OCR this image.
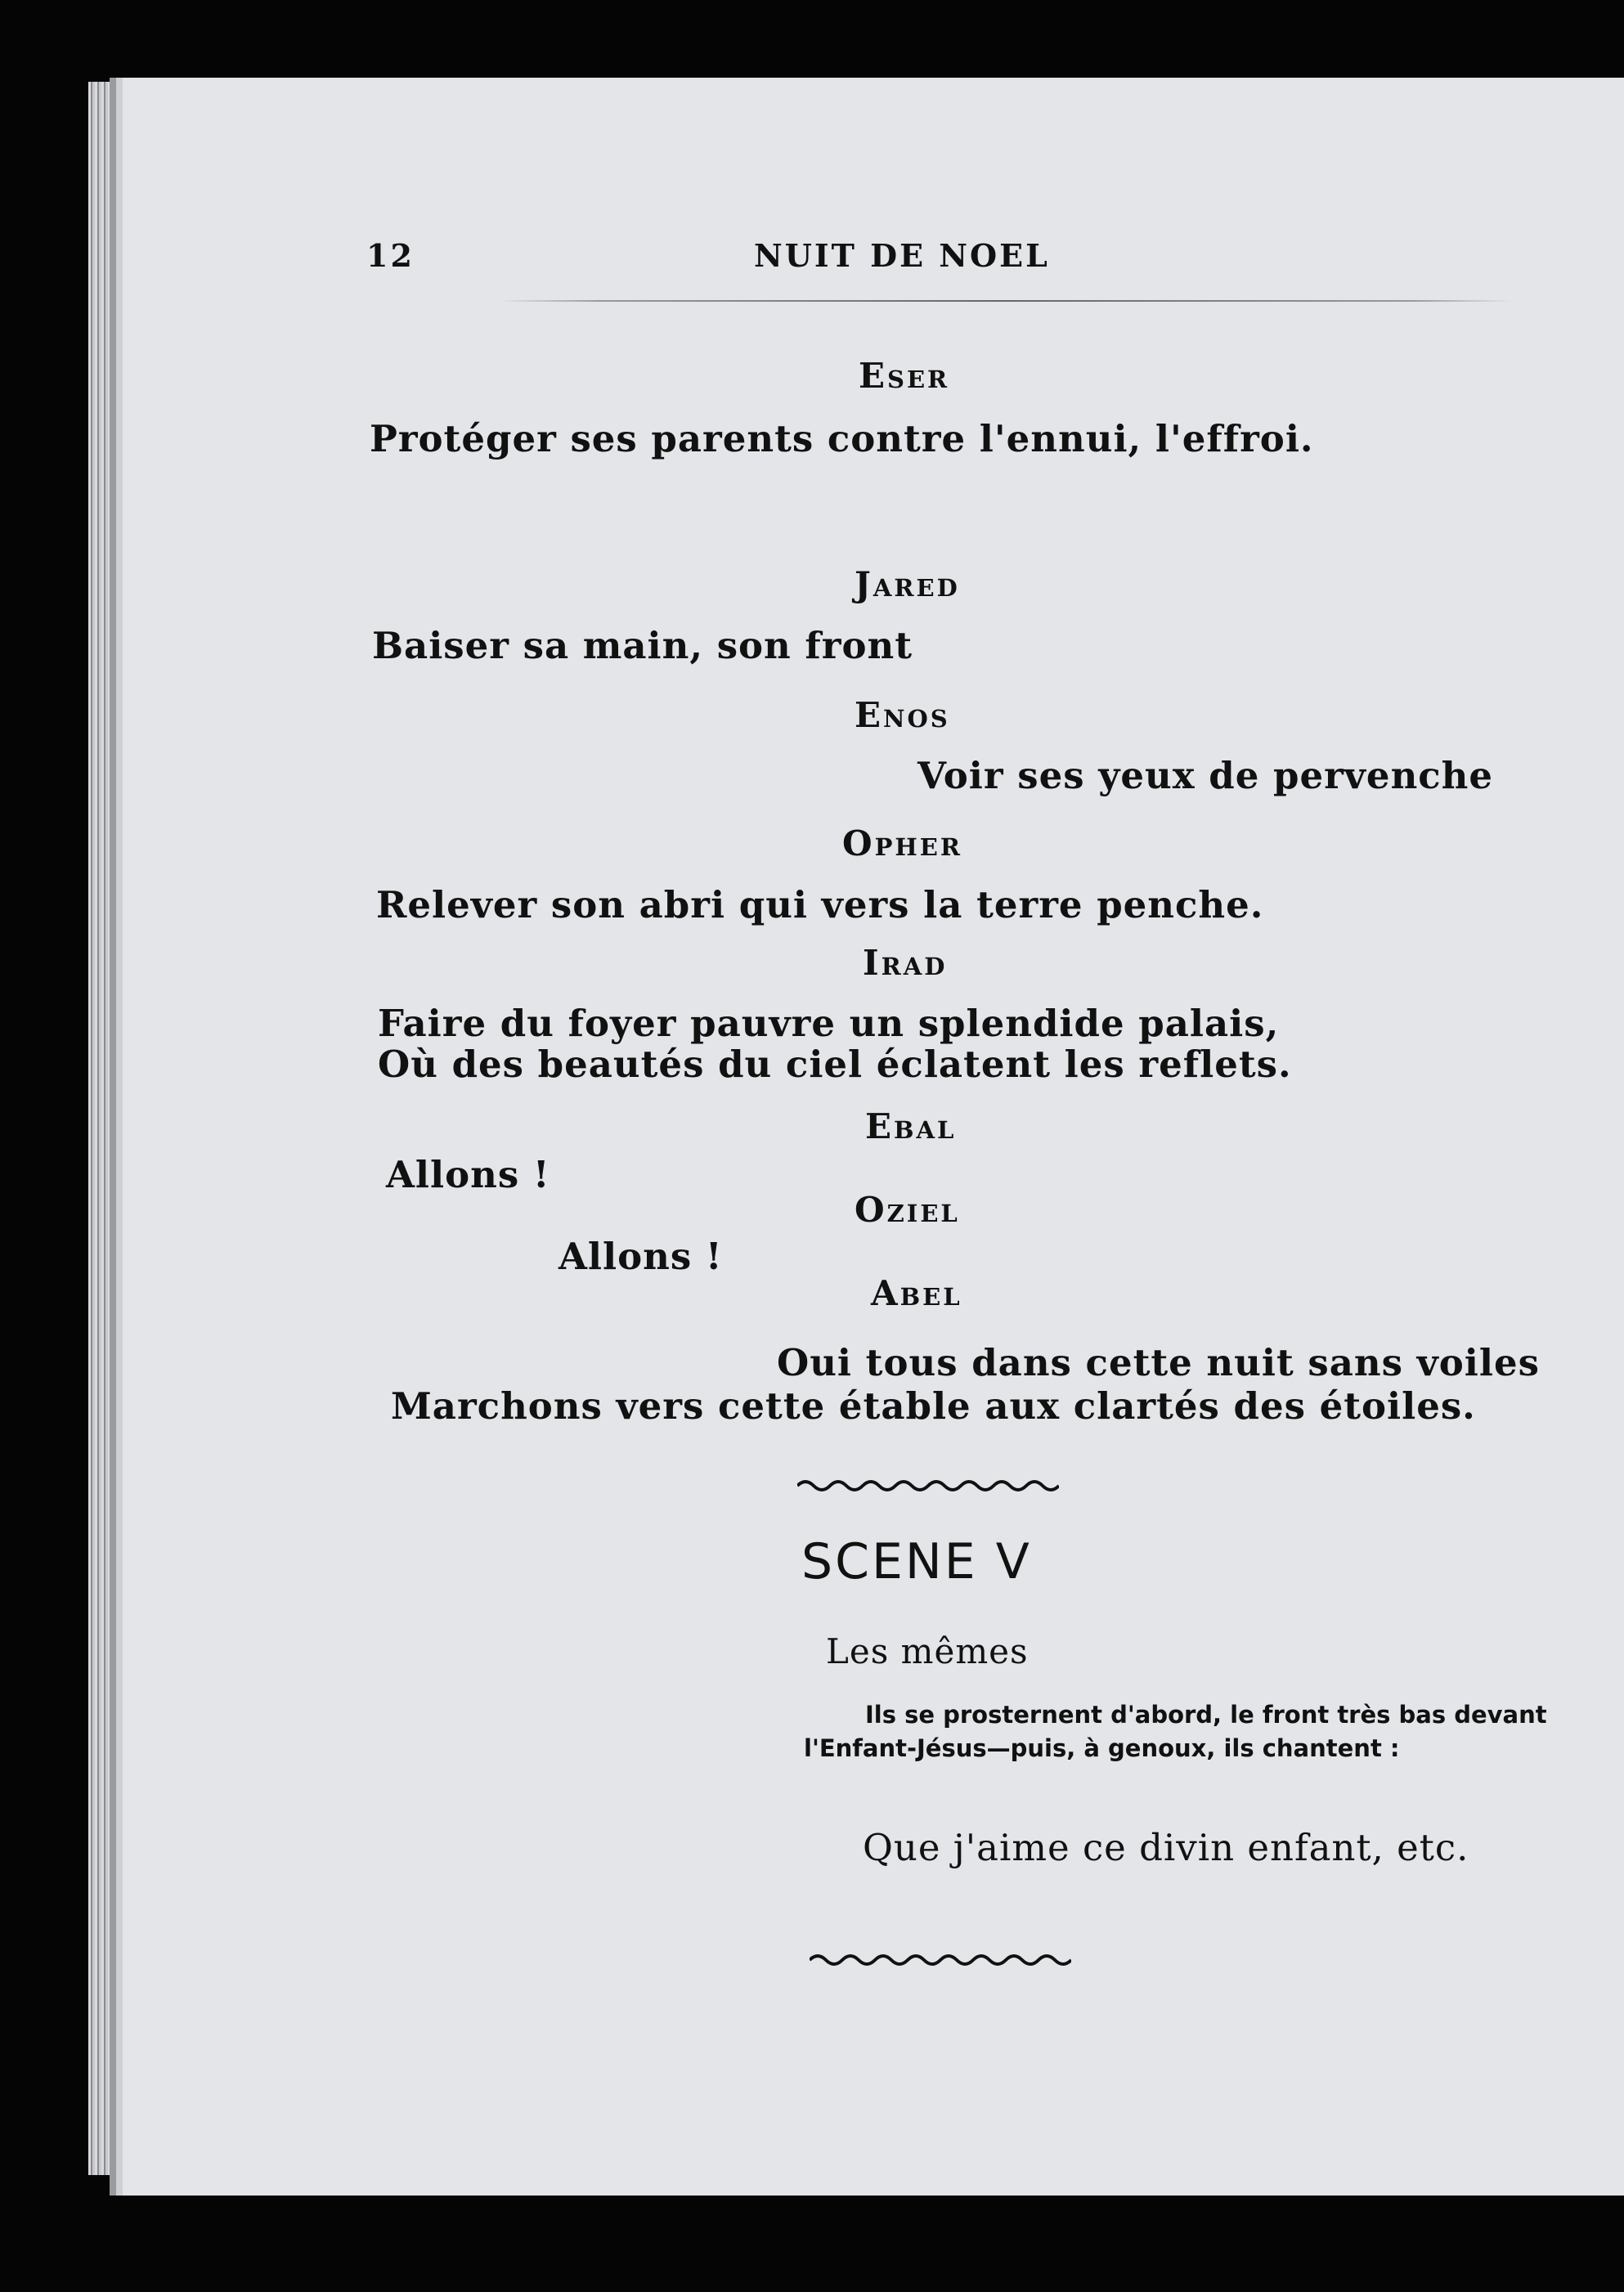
12	NUIT DE NOEL
Eser
Protéger ses parents contre l'ennui, l'effroi.
Jared
Baiser sa main, son front
Enos
Voir ses yeux de pervenche
Opher
Relever son abri qui vers la terre penche.
Irad
Faire du foyer pauvre un splendide palais,
Où des beautés du ciel éclatent les reflets.
Ebal
Allons !
Oziel
Allons !
Abel
Oui tous dans cette nuit sans voiles
Marchons vers cette étable aux clartés des étoiles.
SCENE V
Les mêmes
Ils se prosternent d'abord, le front très bas devant l'Enfant-Jésus—puis, à genoux, ils chantent :
Que j'aime ce divin enfant, etc.
